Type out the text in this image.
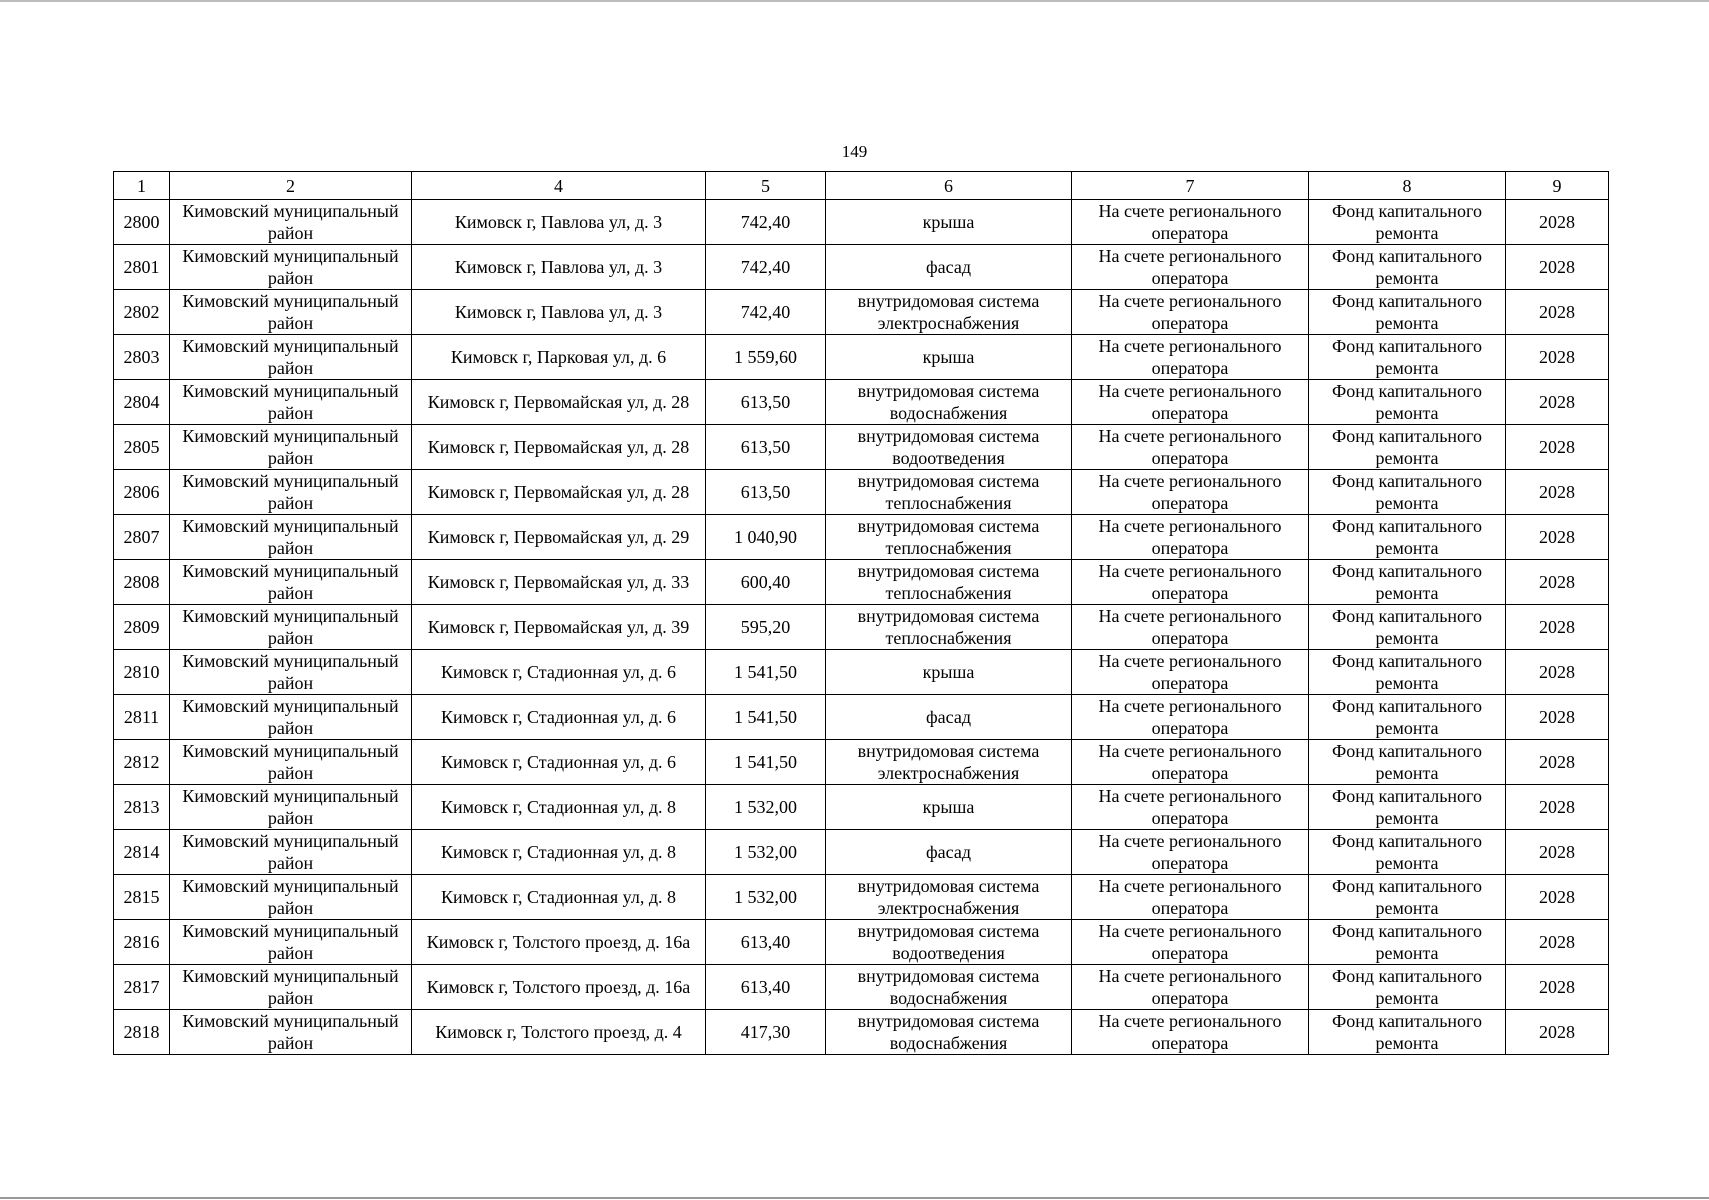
149
1	2	4	5	6	7	8	9
2800	Кимовский муниципальный район	Кимовск г, Павлова ул, д. 3	742,40	крыша	На счете регионального оператора	Фонд капитального ремонта	2028
2801	Кимовский муниципальный район	Кимовск г, Павлова ул, д. 3	742,40	фасад	На счете регионального оператора	Фонд капитального ремонта	2028
2802	Кимовский муниципальный район	Кимовск г, Павлова ул, д. 3	742,40	внутридомовая система электроснабжения	На счете регионального оператора	Фонд капитального ремонта	2028
2803	Кимовский муниципальный район	Кимовск г, Парковая ул, д. 6	1 559,60	крыша	На счете регионального оператора	Фонд капитального ремонта	2028
2804	Кимовский муниципальный район	Кимовск г, Первомайская ул, д. 28	613,50	внутридомовая система водоснабжения	На счете регионального оператора	Фонд капитального ремонта	2028
2805	Кимовский муниципальный район	Кимовск г, Первомайская ул, д. 28	613,50	внутридомовая система водоотведения	На счете регионального оператора	Фонд капитального ремонта	2028
2806	Кимовский муниципальный район	Кимовск г, Первомайская ул, д. 28	613,50	внутридомовая система теплоснабжения	На счете регионального оператора	Фонд капитального ремонта	2028
2807	Кимовский муниципальный район	Кимовск г, Первомайская ул, д. 29	1 040,90	внутридомовая система теплоснабжения	На счете регионального оператора	Фонд капитального ремонта	2028
2808	Кимовский муниципальный район	Кимовск г, Первомайская ул, д. 33	600,40	внутридомовая система теплоснабжения	На счете регионального оператора	Фонд капитального ремонта	2028
2809	Кимовский муниципальный район	Кимовск г, Первомайская ул, д. 39	595,20	внутридомовая система теплоснабжения	На счете регионального оператора	Фонд капитального ремонта	2028
2810	Кимовский муниципальный район	Кимовск г, Стадионная ул, д. 6	1 541,50	крыша	На счете регионального оператора	Фонд капитального ремонта	2028
2811	Кимовский муниципальный район	Кимовск г, Стадионная ул, д. 6	1 541,50	фасад	На счете регионального оператора	Фонд капитального ремонта	2028
2812	Кимовский муниципальный район	Кимовск г, Стадионная ул, д. 6	1 541,50	внутридомовая система электроснабжения	На счете регионального оператора	Фонд капитального ремонта	2028
2813	Кимовский муниципальный район	Кимовск г, Стадионная ул, д. 8	1 532,00	крыша	На счете регионального оператора	Фонд капитального ремонта	2028
2814	Кимовский муниципальный район	Кимовск г, Стадионная ул, д. 8	1 532,00	фасад	На счете регионального оператора	Фонд капитального ремонта	2028
2815	Кимовский муниципальный район	Кимовск г, Стадионная ул, д. 8	1 532,00	внутридомовая система электроснабжения	На счете регионального оператора	Фонд капитального ремонта	2028
2816	Кимовский муниципальный район	Кимовск г, Толстого проезд, д. 16а	613,40	внутридомовая система водоотведения	На счете регионального оператора	Фонд капитального ремонта	2028
2817	Кимовский муниципальный район	Кимовск г, Толстого проезд, д. 16а	613,40	внутридомовая система водоснабжения	На счете регионального оператора	Фонд капитального ремонта	2028
2818	Кимовский муниципальный район	Кимовск г, Толстого проезд, д. 4	417,30	внутридомовая система водоснабжения	На счете регионального оператора	Фонд капитального ремонта	2028
